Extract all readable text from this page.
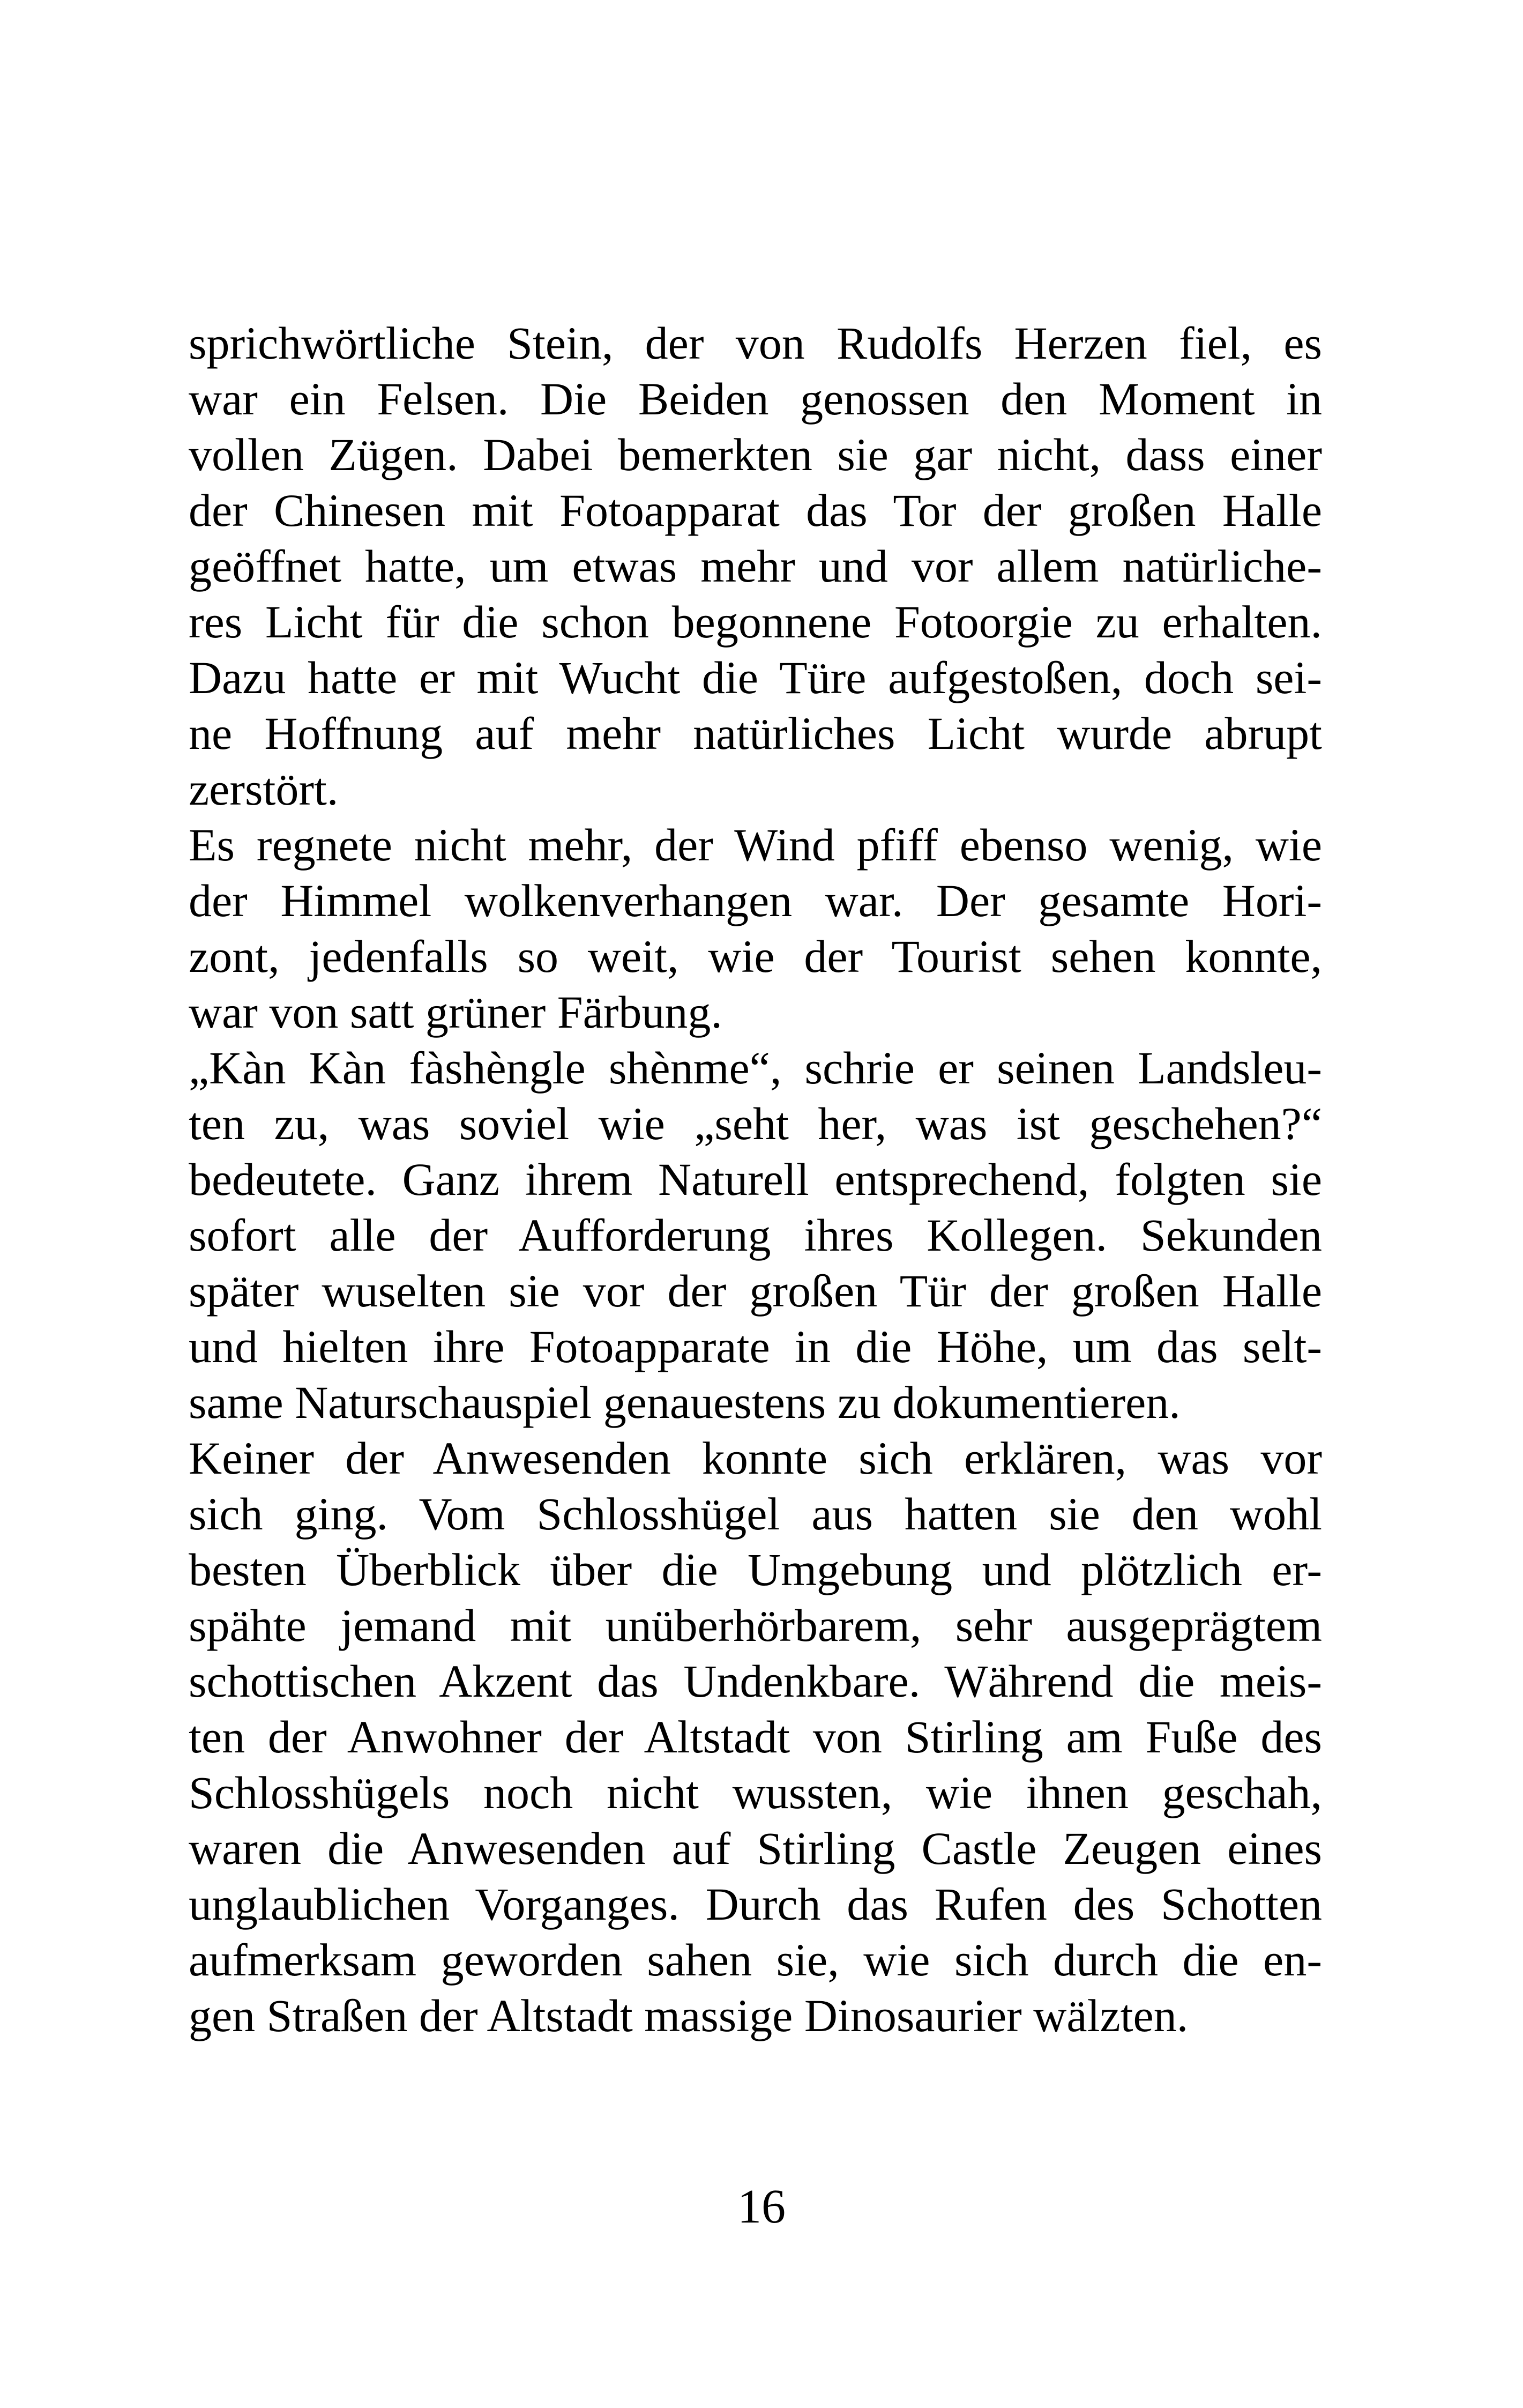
sprichwörtliche Stein, der von Rudolfs Herzen fiel, es
war ein Felsen. Die Beiden genossen den Moment in
vollen Zügen. Dabei bemerkten sie gar nicht, dass einer
der Chinesen mit Fotoapparat das Tor der großen Halle
geöffnet hatte, um etwas mehr und vor allem natürliche-
res Licht für die schon begonnene Fotoorgie zu erhalten.
Dazu hatte er mit Wucht die Türe aufgestoßen, doch sei-
ne Hoffnung auf mehr natürliches Licht wurde abrupt
zerstört.
Es regnete nicht mehr, der Wind pfiff ebenso wenig, wie
der Himmel wolkenverhangen war. Der gesamte Hori-
zont, jedenfalls so weit, wie der Tourist sehen konnte,
war von satt grüner Färbung.
„Kàn Kàn fàshèngle shènme“, schrie er seinen Landsleu-
ten zu, was soviel wie „seht her, was ist geschehen?“
bedeutete. Ganz ihrem Naturell entsprechend, folgten sie
sofort alle der Aufforderung ihres Kollegen. Sekunden
später wuselten sie vor der großen Tür der großen Halle
und hielten ihre Fotoapparate in die Höhe, um das selt-
same Naturschauspiel genauestens zu dokumentieren.
Keiner der Anwesenden konnte sich erklären, was vor
sich ging. Vom Schlosshügel aus hatten sie den wohl
besten Überblick über die Umgebung und plötzlich er-
spähte jemand mit unüberhörbarem, sehr ausgeprägtem
schottischen Akzent das Undenkbare. Während die meis-
ten der Anwohner der Altstadt von Stirling am Fuße des
Schlosshügels noch nicht wussten, wie ihnen geschah,
waren die Anwesenden auf Stirling Castle Zeugen eines
unglaublichen Vorganges. Durch das Rufen des Schotten
aufmerksam geworden sahen sie, wie sich durch die en-
gen Straßen der Altstadt massige Dinosaurier wälzten.
16
